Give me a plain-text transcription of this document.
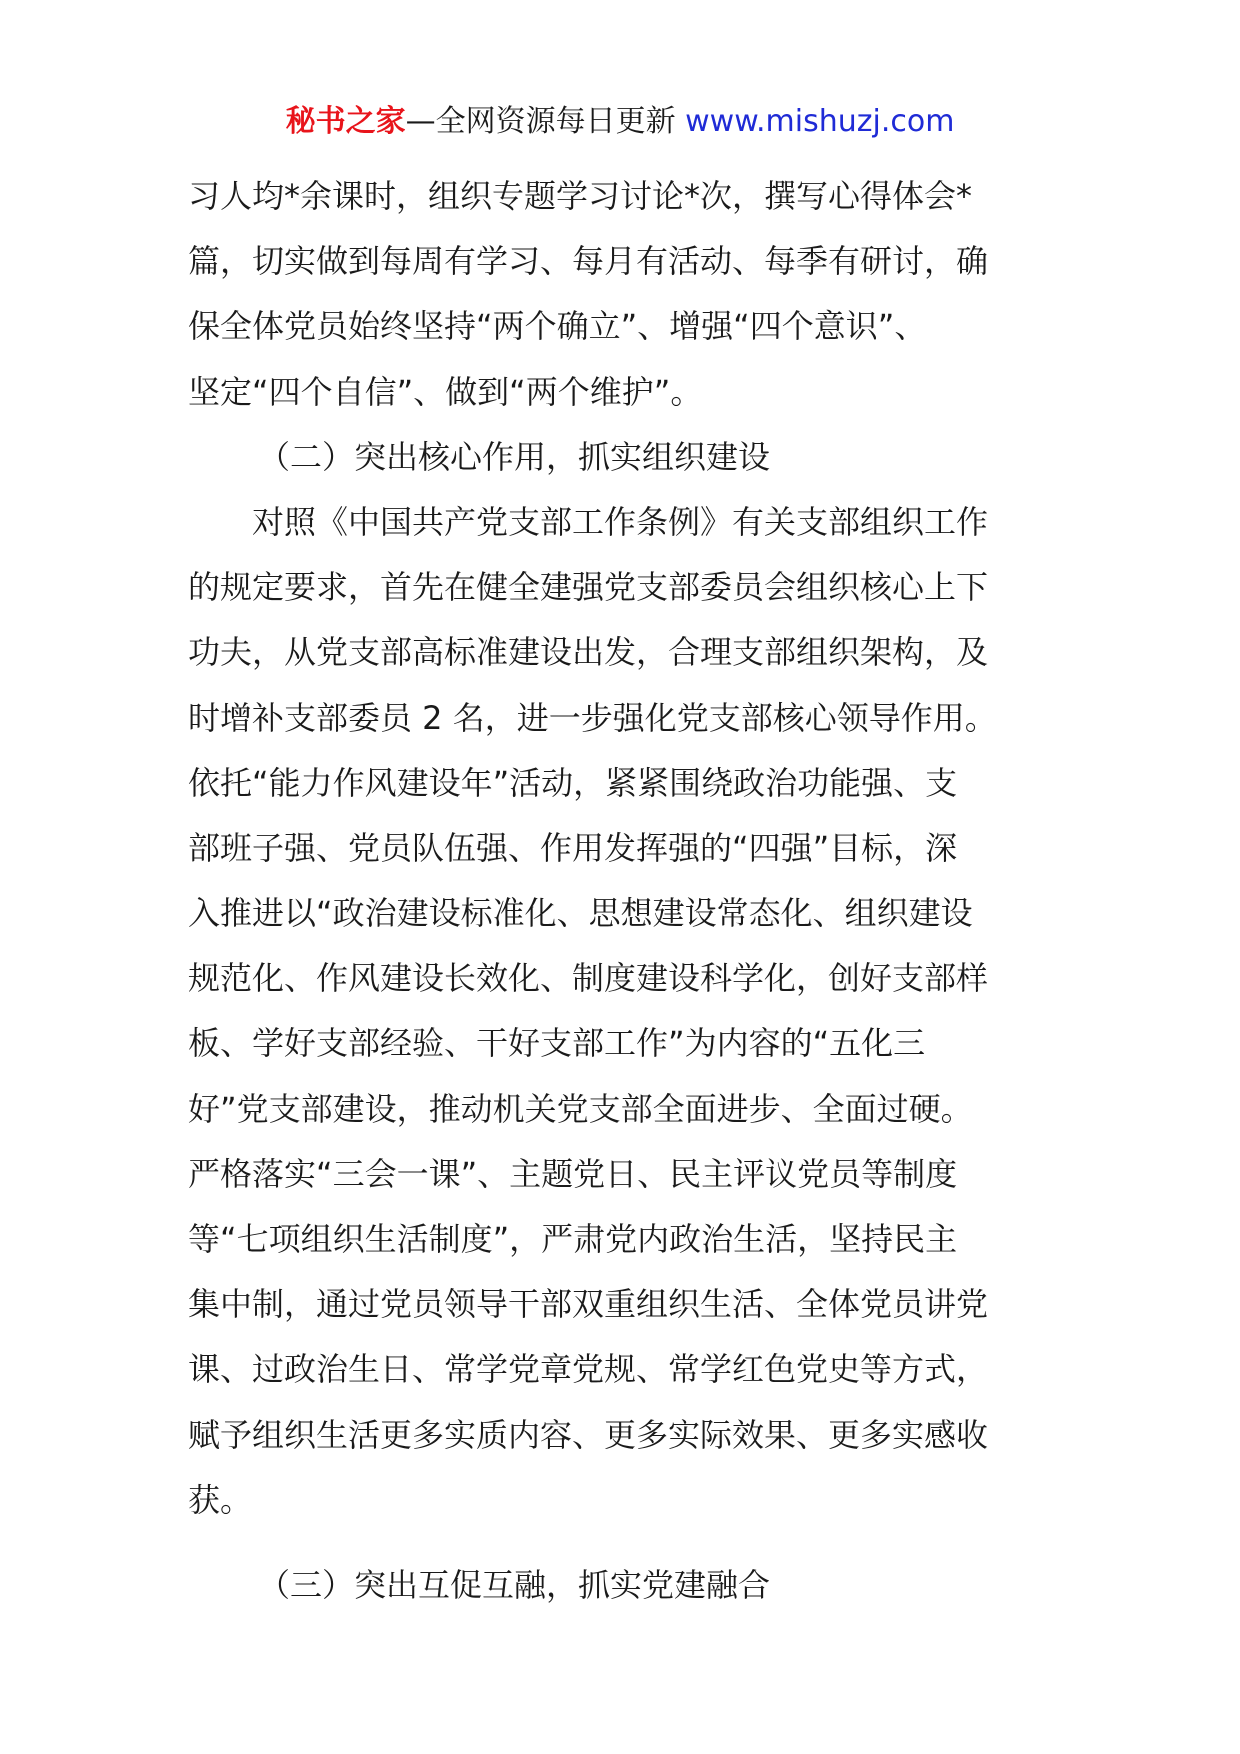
秘书之家—全网资源每日更新 www.mishuzj.com
习人均*余课时，组织专题学习讨论*次，撰写心得体会*
篇，切实做到每周有学习、每月有活动、每季有研讨，确
保全体党员始终坚持“两个确立”、增强“四个意识”、
坚定“四个自信”、做到“两个维护”。
（二）突出核心作用，抓实组织建设
对照《中国共产党支部工作条例》有关支部组织工作
的规定要求，首先在健全建强党支部委员会组织核心上下
功夫，从党支部高标准建设出发，合理支部组织架构，及
时增补支部委员 2 名，进一步强化党支部核心领导作用。
依托“能力作风建设年”活动，紧紧围绕政治功能强、支
部班子强、党员队伍强、作用发挥强的“四强”目标，深
入推进以“政治建设标准化、思想建设常态化、组织建设
规范化、作风建设长效化、制度建设科学化，创好支部样
板、学好支部经验、干好支部工作”为内容的“五化三
好”党支部建设，推动机关党支部全面进步、全面过硬。
严格落实“三会一课”、主题党日、民主评议党员等制度
等“七项组织生活制度”，严肃党内政治生活，坚持民主
集中制，通过党员领导干部双重组织生活、全体党员讲党
课、过政治生日、常学党章党规、常学红色党史等方式，
赋予组织生活更多实质内容、更多实际效果、更多实感收
获。
（三）突出互促互融，抓实党建融合
